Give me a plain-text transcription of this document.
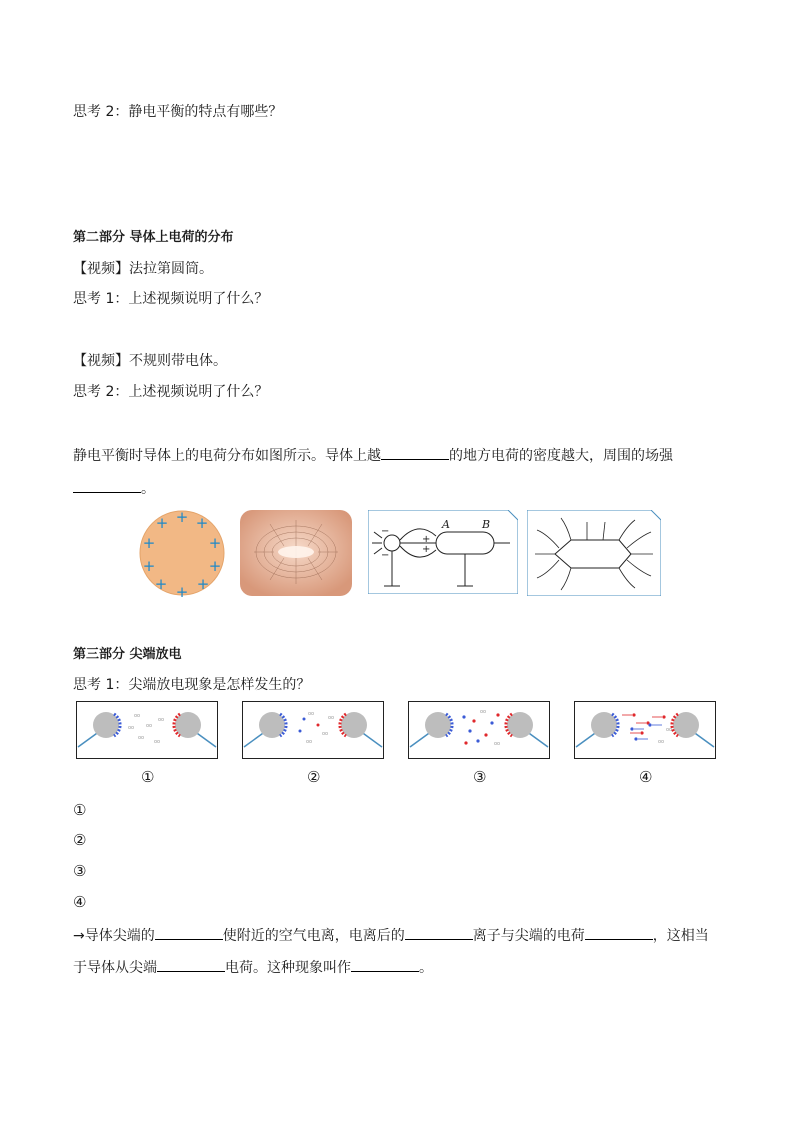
思考 2：静电平衡的特点有哪些？
第二部分 导体上电荷的分布
【视频】法拉第圆筒。
思考 1：上述视频说明了什么？
【视频】不规则带电体。
思考 2：上述视频说明了什么？
静电平衡时导体上的电荷分布如图所示。导体上越	的地方电荷的密度越大，周围的场强
。
+
+ +
+	+
+	+
+ +
+
+
+
−
−
A	B
第三部分 尖端放电
思考 1：尖端放电现象是怎样发生的？
oo
oo
oo
oo
oo
oo
oo
oo
oo
oo
oo
oo	oo
oo
①	②	③	④
①
②
③
④
→导体尖端的	使附近的空气电离，电离后的	离子与尖端的电荷	，这相当
于导体从尖端	电荷。这种现象叫作	。
